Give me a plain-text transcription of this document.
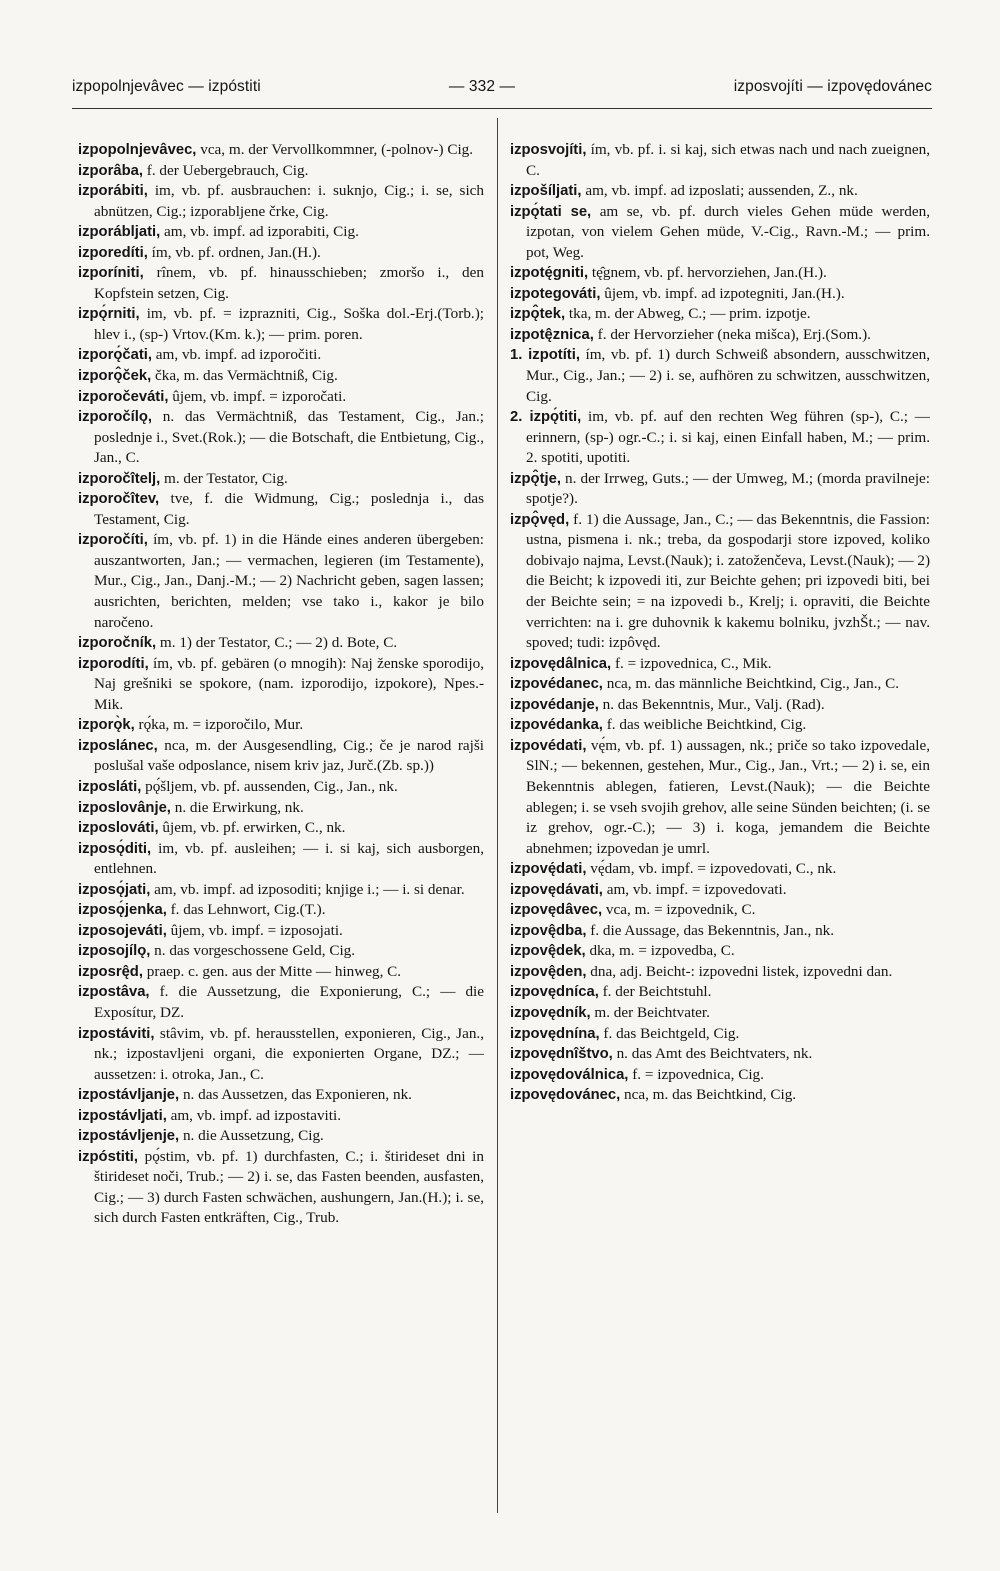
izpopolnjevâvec — izpóstiti	— 332 —	izposvojíti — izpovędovánec

izpopolnjevâvec, vca, m. der Vervollkommner, (-polnov-) Cig.

izporâba, f. der Uebergebrauch, Cig.

izporábiti, im, vb. pf. ausbrauchen: i. suknjo, Cig.; i. se, sich abnützen, Cig.; izporabljene črke, Cig.

izporábljati, am, vb. impf. ad izporabiti, Cig.

izporedíti, ím, vb. pf. ordnen, Jan.(H.).

izporíniti, rînem, vb. pf. hinausschieben; zmoršo i., den Kopfstein setzen, Cig.

izpǫ́rniti, im, vb. pf. = izprazniti, Cig., Soška dol.-Erj.(Torb.); hlev i., (sp-) Vrtov.(Km. k.); — prim. poren.

izporǫ́čati, am, vb. impf. ad izporočiti.

izporǫ̂ček, čka, m. das Vermächtniß, Cig.

izporočeváti, ûjem, vb. impf. = izporočati.

izporočílǫ, n. das Vermächtniß, das Testament, Cig., Jan.; poslednje i., Svet.(Rok.); — die Botschaft, die Entbietung, Cig., Jan., C.

izporočîtelj, m. der Testator, Cig.

izporočîtev, tve, f. die Widmung, Cig.; poslednja i., das Testament, Cig.

izporočíti, ím, vb. pf. 1) in die Hände eines anderen übergeben: auszantworten, Jan.; — vermachen, legieren (im Testamente), Mur., Cig., Jan., Danj.-M.; — 2) Nachricht geben, sagen lassen; ausrichten, berichten, melden; vse tako i., kakor je bilo naročeno.

izporočník, m. 1) der Testator, C.; — 2) d. Bote, C.

izporodíti, ím, vb. pf. gebären (o mnogih): Naj ženske sporodijo, Naj grešniki se spokore, (nam. izporodijo, izpokore), Npes.-Mik.

izporǫ̀k, rǫ́ka, m. = izporočilo, Mur.

izposlánec, nca, m. der Ausgesendling, Cig.; če je narod rajši poslušal vaše odposlance, nisem kriv jaz, Jurč.(Zb. sp.))

izposláti, pǫ́šljem, vb. pf. aussenden, Cig., Jan., nk.

izposlovânje, n. die Erwirkung, nk.

izposlováti, ûjem, vb. pf. erwirken, C., nk.

izposǫ́diti, im, vb. pf. ausleihen; — i. si kaj, sich ausborgen, entlehnen.

izposǫ́jati, am, vb. impf. ad izposoditi; knjige i.; — i. si denar.

izposǫ́jenka, f. das Lehnwort, Cig.(T.).

izposojeváti, ûjem, vb. impf. = izposojati.

izposojílǫ, n. das vorgeschossene Geld, Cig.

izposrę̂d, praep. c. gen. aus der Mitte — hinweg, C.

izpostâva, f. die Aussetzung, die Exponierung, C.; — die Exposítur, DZ.

izpostáviti, stâvim, vb. pf. herausstellen, exponieren, Cig., Jan., nk.; izpostavljeni organi, die exponierten Organe, DZ.; — aussetzen: i. otroka, Jan., C.

izpostávljanje, n. das Aussetzen, das Exponieren, nk.

izpostávljati, am, vb. impf. ad izpostaviti.

izpostávljenje, n. die Aussetzung, Cig.

izpóstiti, pǫ́stim, vb. pf. 1) durchfasten, C.; i. štirideset dni in štirideset noči, Trub.; — 2) i. se, das Fasten beenden, ausfasten, Cig.; — 3) durch Fasten schwächen, aushungern, Jan.(H.); i. se, sich durch Fasten entkräften, Cig., Trub.

izposvojíti, ím, vb. pf. i. si kaj, sich etwas nach und nach zueignen, C.

izpošíljati, am, vb. impf. ad izposlati; aussenden, Z., nk.

izpǫ́tati se, am se, vb. pf. durch vieles Gehen müde werden, izpotan, von vielem Gehen müde, V.-Cig., Ravn.-M.; — prim. pot, Weg.

izpotę́gniti, tę̂gnem, vb. pf. hervorziehen, Jan.(H.).

izpotegováti, ûjem, vb. impf. ad izpotegniti, Jan.(H.).

izpǫ̂tek, tka, m. der Abweg, C.; — prim. izpotje.

izpotę̂znica, f. der Hervorzieher (neka mišca), Erj.(Som.).

1. izpotíti, ím, vb. pf. 1) durch Schweiß absondern, ausschwitzen, Mur., Cig., Jan.; — 2) i. se, aufhören zu schwitzen, ausschwitzen, Cig.

2. izpǫ́titi, im, vb. pf. auf den rechten Weg führen (sp-), C.; — erinnern, (sp-) ogr.-C.; i. si kaj, einen Einfall haben, M.; — prim. 2. spotiti, upotiti.

izpǫ̂tje, n. der Irrweg, Guts.; — der Umweg, M.; (morda pravilneje: spotje?).

izpǫ̂vęd, f. 1) die Aussage, Jan., C.; — das Bekenntnis, die Fassion: ustna, pismena i. nk.; treba, da gospodarji store izpoved, koliko dobivajo najma, Levst.(Nauk); i. zatoženčeva, Levst.(Nauk); — 2) die Beicht; k izpovedi iti, zur Beichte gehen; pri izpovedi biti, bei der Beichte sein; = na izpovedi b., Krelj; i. opraviti, die Beichte verrichten: na i. gre duhovnik k kakemu bolniku, jvzhŠt.; — nav. spoved; tudi: izpôvęd.

izpovędâlnica, f. = izpovednica, C., Mik.

izpovédanec, nca, m. das männliche Beichtkind, Cig., Jan., C.

izpovédanje, n. das Bekenntnis, Mur., Valj. (Rad).

izpovédanka, f. das weibliche Beichtkind, Cig.

izpovédati, vę́m, vb. pf. 1) aussagen, nk.; priče so tako izpovedale, SlN.; — bekennen, gestehen, Mur., Cig., Jan., Vrt.; — 2) i. se, ein Bekenntnis ablegen, fatieren, Levst.(Nauk); — die Beichte ablegen; i. se vseh svojih grehov, alle seine Sünden beichten; (i. se iz grehov, ogr.-C.); — 3) i. koga, jemandem die Beichte abnehmen; izpovedan je umrl.

izpovę́dati, vę́dam, vb. impf. = izpovedovati, C., nk.

izpovędávati, am, vb. impf. = izpovedovati.

izpovędâvec, vca, m. = izpovednik, C.

izpovę̂dba, f. die Aussage, das Bekenntnis, Jan., nk.

izpovę̂dek, dka, m. = izpovedba, C.

izpovę̂den, dna, adj. Beicht-: izpovedni listek, izpovedni dan.

izpovędníca, f. der Beichtstuhl.

izpovędník, m. der Beichtvater.

izpovędnína, f. das Beichtgeld, Cig.

izpovędnîštvo, n. das Amt des Beichtvaters, nk.

izpovędoválnica, f. = izpovednica, Cig.

izpovędovánec, nca, m. das Beichtkind, Cig.
